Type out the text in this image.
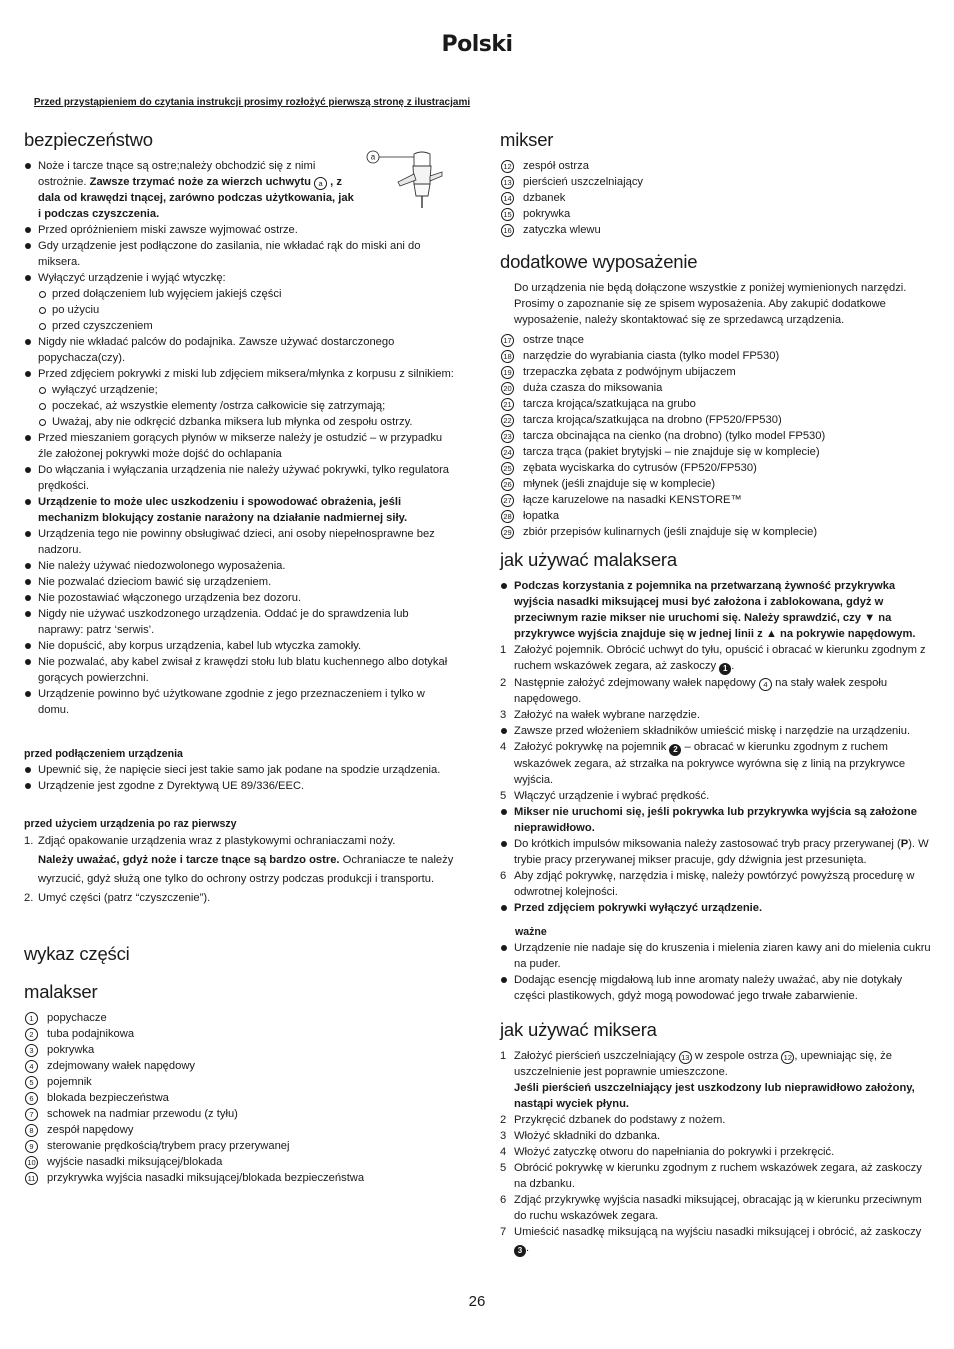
Polski
Przed przystąpieniem do czytania instrukcji prosimy rozłożyć pierwszą stronę z ilustracjami
bezpieczeństwo
Noże i tarcze tnące są ostre;należy obchodzić się z nimi ostrożnie. Zawsze trzymać noże za wierzch uchwytu a , z dala od krawędzi tnącej, zarówno podczas użytkowania, jak i podczas czyszczenia.
Przed opróżnieniem miski zawsze wyjmować ostrze.
Gdy urządzenie jest podłączone do zasilania, nie wkładać rąk do miski ani do miksera.
Wyłączyć urządzenie i wyjąć wtyczkę:
przed dołączeniem lub wyjęciem jakiejś części
po użyciu
przed czyszczeniem
Nigdy nie wkładać palców do podajnika. Zawsze używać dostarczonego popychacza(czy).
Przed zdjęciem pokrywki z miski lub zdjęciem miksera/młynka z korpusu z silnikiem:
wyłączyć urządzenie;
poczekać, aż wszystkie elementy /ostrza całkowicie się zatrzymają;
Uważaj, aby nie odkręcić dzbanka miksera lub młynka od zespołu ostrzy.
Przed mieszaniem gorących płynów w mikserze należy je ostudzić – w przypadku źle założonej pokrywki może dojść do ochlapania
Do włączania i wyłączania urządzenia nie należy używać pokrywki, tylko regulatora prędkości.
Urządzenie to może ulec uszkodzeniu i spowodować obrażenia, jeśli mechanizm blokujący zostanie narażony na działanie nadmiernej siły.
Urządzenia tego nie powinny obsługiwać dzieci, ani osoby niepełnosprawne bez nadzoru.
Nie należy używać niedozwolonego wyposażenia.
Nie pozwalać dzieciom bawić się urządzeniem.
Nie pozostawiać włączonego urządzenia bez dozoru.
Nigdy nie używać uszkodzonego urządzenia. Oddać je do sprawdzenia lub naprawy: patrz ‘serwis’.
Nie dopuścić, aby korpus urządzenia, kabel lub wtyczka zamokły.
Nie pozwalać, aby kabel zwisał z krawędzi stołu lub blatu kuchennego albo dotykał gorących powierzchni.
Urządzenie powinno być użytkowane zgodnie z jego przeznaczeniem i tylko w domu.

przed podłączeniem urządzenia

Upewnić się, że napięcie sieci jest takie samo jak podane na spodzie urządzenia.
Urządzenie jest zgodne z Dyrektywą UE 89/336/EEC.

przed użyciem urządzenia po raz pierwszy

1. Zdjąć opakowanie urządzenia wraz z plastykowymi ochraniaczami noży.
Należy uważać, gdyż noże i tarcze tnące są bardzo ostre. Ochraniacze te należy wyrzucić, gdyż służą one tylko do ochrony ostrzy podczas produkcji i transportu.
2. Umyć części (patrz “czyszczenie”).
wykaz części
malakser
1	popychacze
2	tuba podajnikowa
3	pokrywka
4	zdejmowany wałek napędowy
5	pojemnik
6	blokada bezpieczeństwa
7	schowek na nadmiar przewodu (z tyłu)
8	zespół napędowy
9	sterowanie prędkością/trybem pracy przerywanej
10 wyjście nasadki miksującej/blokada
11 przykrywka wyjścia nasadki miksującej/blokada bezpieczeństwa
a
mikser
12 zespół ostrza
13 pierścień uszczelniający
14 dzbanek
15 pokrywka
16 zatyczka wlewu
dodatkowe wyposażenie

Do urządzenia nie będą dołączone wszystkie z poniżej wymienionych narzędzi. Prosimy o zapoznanie się ze spisem wyposażenia. Aby zakupić dodatkowe wyposażenie, należy skontaktować się ze sprzedawcą urządzenia.

17 ostrze tnące
18 narzędzie do wyrabiania ciasta (tylko model FP530)
19 trzepaczka zębata z podwójnym ubijaczem
20 duża czasza do miksowania
21 tarcza krojąca/szatkująca na grubo
22 tarcza krojąca/szatkująca na drobno (FP520/FP530)
23 tarcza obcinająca na cienko (na drobno) (tylko model FP530)
24 tarcza trąca (pakiet brytyjski – nie znajduje się w komplecie)
25 zębata wyciskarka do cytrusów (FP520/FP530)
26 młynek (jeśli znajduje się w komplecie)
27 łącze karuzelowe na nasadki KENSTORE™
28 łopatka
29 zbiór przepisów kulinarnych (jeśli znajduje się w komplecie)
jak używać malaksera
Podczas korzystania z pojemnika na przetwarzaną żywność przykrywka wyjścia nasadki miksującej musi być założona i zablokowana, gdyż w przeciwnym razie mikser nie uruchomi się. Należy sprawdzić, czy ▼ na przykrywce wyjścia znajduje się w jednej linii z ▲ na pokrywie napędowym.
1 Założyć pojemnik. Obrócić uchwyt do tyłu, opuścić i obracać w kierunku zgodnym z ruchem wskazówek zegara, aż zaskoczy 1 .
2 Następnie założyć zdejmowany wałek napędowy 4 na stały wałek zespołu napędowego.
3 Założyć na wałek wybrane narzędzie.
Zawsze przed włożeniem składników umieścić miskę i narzędzie na urządzeniu.
4 Założyć pokrywkę na pojemnik 2 – obracać w kierunku zgodnym z ruchem wskazówek zegara, aż strzałka na pokrywce wyrówna się z linią na przykrywce wyjścia.
5 Włączyć urządzenie i wybrać prędkość.
Mikser nie uruchomi się, jeśli pokrywka lub przykrywka wyjścia są założone nieprawidłowo.
Do krótkich impulsów miksowania należy zastosować tryb pracy przerywanej (P). W trybie pracy przerywanej mikser pracuje, gdy dźwignia jest przesunięta.
6 Aby zdjąć pokrywkę, narzędzia i miskę, należy powtórzyć powyższą procedurę w odwrotnej kolejności.
Przed zdjęciem pokrywki wyłączyć urządzenie.

ważne

Urządzenie nie nadaje się do kruszenia i mielenia ziaren kawy ani do mielenia cukru na puder.
Dodając esencję migdałową lub inne aromaty należy uważać, aby nie dotykały części plastikowych, gdyż mogą powodować jego trwałe zabarwienie.
jak używać miksera
1 Założyć pierścień uszczelniający 13 w zespole ostrza 12 , upewniając się, że uszczelnienie jest poprawnie umieszczone.
Jeśli pierścień uszczelniający jest uszkodzony lub nieprawidłowo założony, nastąpi wyciek płynu.
2 Przykręcić dzbanek do podstawy z nożem.
3 Włożyć składniki do dzbanka.
4 Włożyć zatyczkę otworu do napełniania do pokrywki i przekręcić.
5 Obrócić pokrywkę w kierunku zgodnym z ruchem wskazówek zegara, aż zaskoczy na dzbanku.
6 Zdjąć przykrywkę wyjścia nasadki miksującej, obracając ją w kierunku przeciwnym do ruchu wskazówek zegara.
7 Umieścić nasadkę miksującą na wyjściu nasadki miksującej i obrócić, aż zaskoczy 3 .
26
